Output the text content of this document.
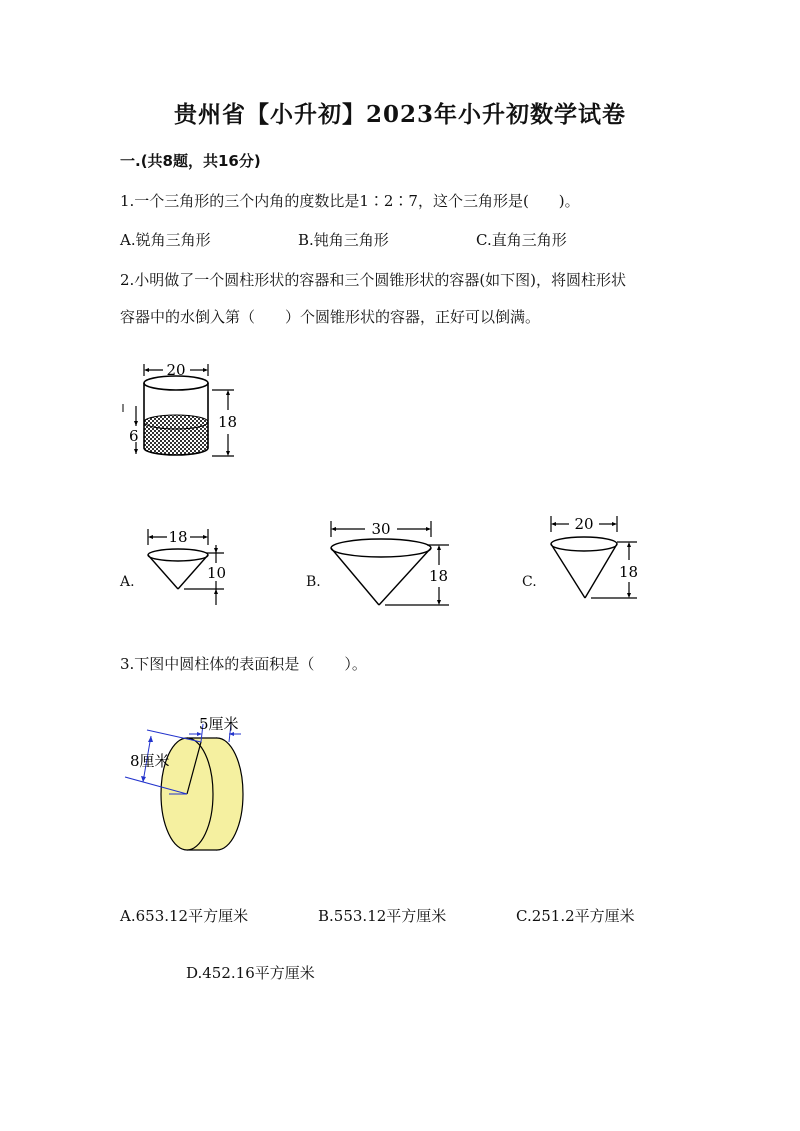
贵州省【小升初】2023年小升初数学试卷
一.(共8题，共16分)
1.一个三角形的三个内角的度数比是1∶2∶7，这个三角形是(　　)。
A.锐角三角形	B.钝角三角形	C.直角三角形
2.小明做了一个圆柱形状的容器和三个圆锥形状的容器(如下图)，将圆柱形状
容器中的水倒入第（　　）个圆锥形状的容器，正好可以倒满。
20
18
6
A.
18
10	B.
30
18	C.
20
18
3.下图中圆柱体的表面积是（　　）。
8厘米
5厘米
A.653.12平方厘米	B.553.12平方厘米	C.251.2平方厘米
D.452.16平方厘米
